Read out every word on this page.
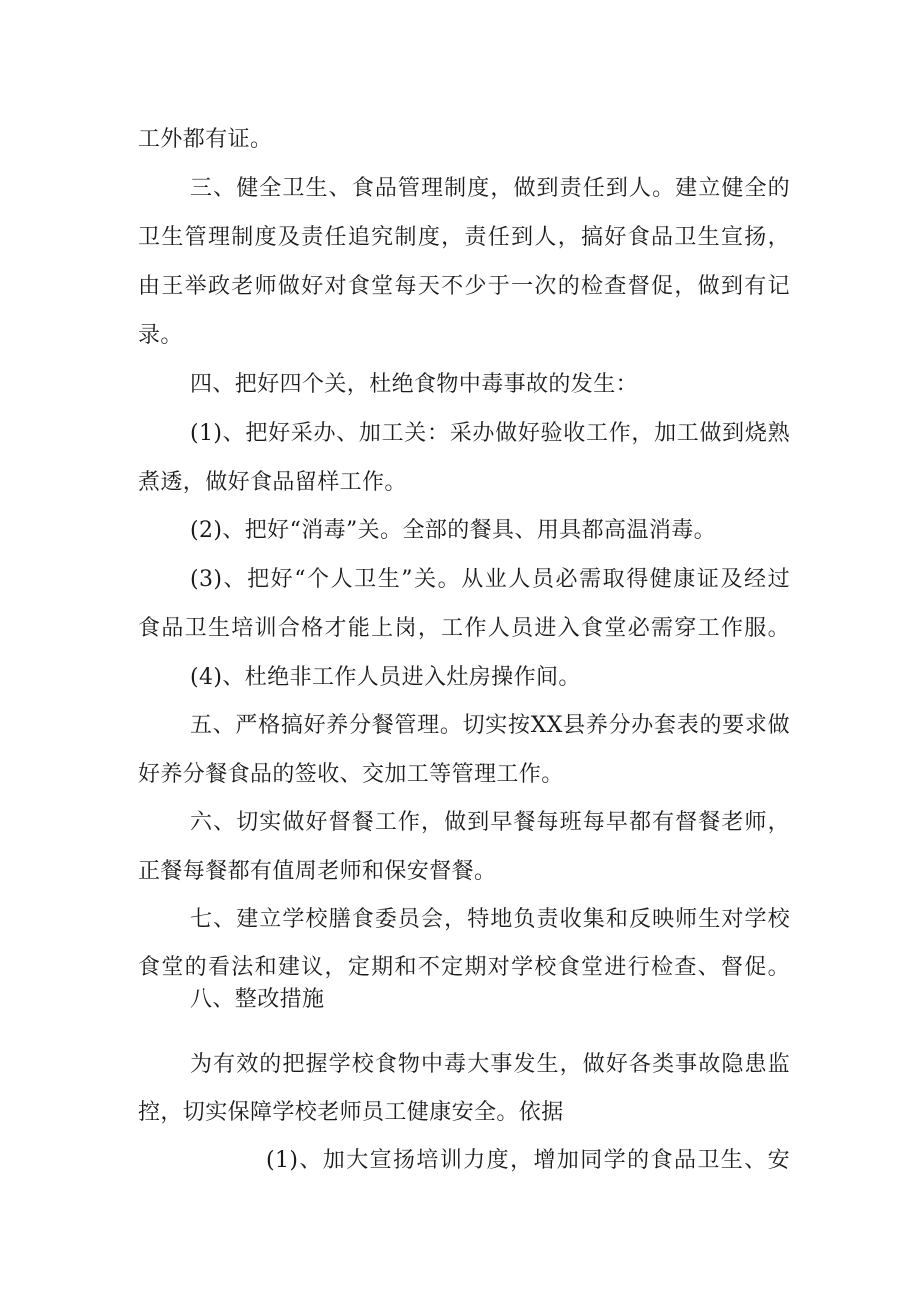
工外都有证。
三、健全卫生、食品管理制度，做到责任到人。建立健全的
卫生管理制度及责任追究制度，责任到人，搞好食品卫生宣扬，
由王举政老师做好对食堂每天不少于一次的检查督促，做到有记
录。
四、把好四个关，杜绝食物中毒事故的发生：
(1)、把好采办、加工关：采办做好验收工作，加工做到烧熟
煮透，做好食品留样工作。
(2)、把好“消毒”关。全部的餐具、用具都高温消毒。
(3)、把好“个人卫生”关。从业人员必需取得健康证及经过
食品卫生培训合格才能上岗，工作人员进入食堂必需穿工作服。
(4)、杜绝非工作人员进入灶房操作间。
五、严格搞好养分餐管理。切实按XX县养分办套表的要求做
好养分餐食品的签收、交加工等管理工作。
六、切实做好督餐工作，做到早餐每班每早都有督餐老师，
正餐每餐都有值周老师和保安督餐。
七、建立学校膳食委员会，特地负责收集和反映师生对学校
食堂的看法和建议，定期和不定期对学校食堂进行检查、督促。
八、整改措施
为有效的把握学校食物中毒大事发生，做好各类事故隐患监
控，切实保障学校老师员工健康安全。依据
(1)、加大宣扬培训力度，增加同学的食品卫生、安
